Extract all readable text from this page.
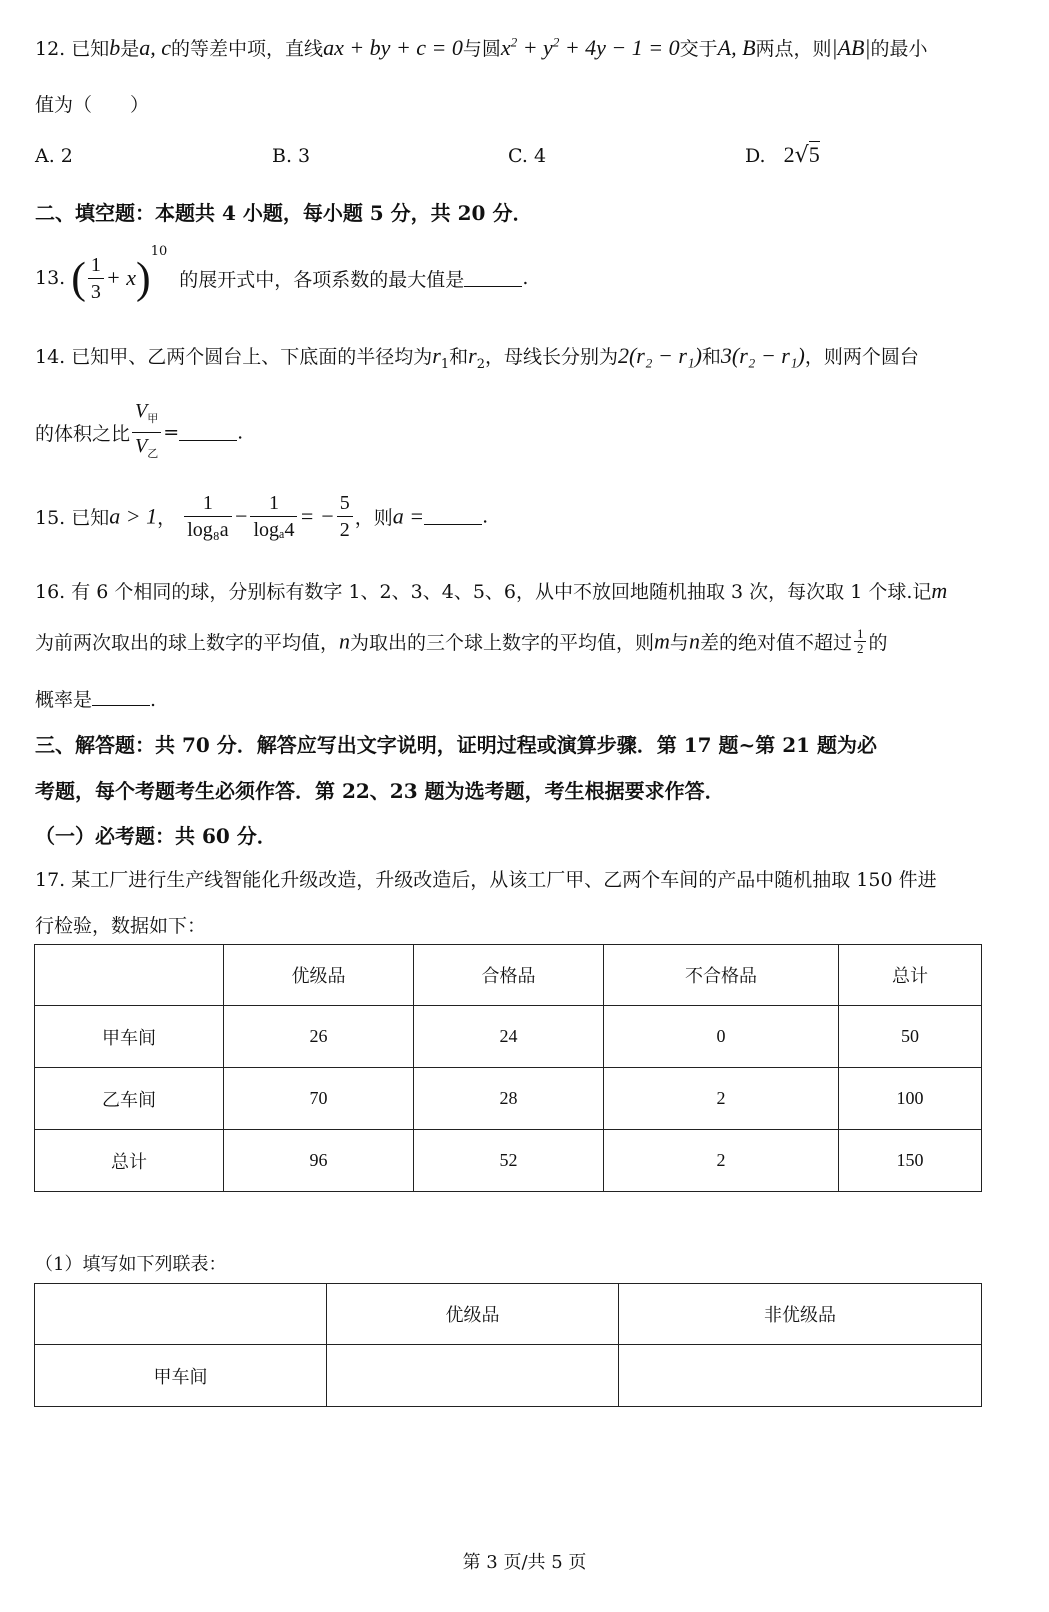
12. 已知b是a, c的等差中项，直线ax + by + c = 0与圆$x^2 + y^2 + 4y - 1 = 0$交于A, B两点，则|AB|的最小
值为（　　）
A. 2	B. 3	C. 4	D. 2√5
二、填空题：本题共 4 小题，每小题 5 分，共 20 分．
13. ( $\frac{1}{3} + x)^{10}$ 的展开式中，各项系数的最大值是	.
14. 已知甲、乙两个圆台上、下底面的半径均为$r_1$和$r_2$，母线长分别为2(r₂ − r₁)和3(r₂ − r₁)，则两个圆台
的体积之比 $\frac{V_甲}{V_乙}$ =	.
15. 已知a > 1， $\frac{1}{\text{log₈a}} - \frac{1}{\text{logₐ4}}$ = − $\frac{5}{2}$ ，则a =	.
16. 有 6 个相同的球，分别标有数字 1、2、3、4、5、6，从中不放回地随机抽取 3 次，每次取 1 个球.记m
为前两次取出的球上数字的平均值，n为取出的三个球上数字的平均值，则m与n差的绝对值不超过 $\frac{1}{2}$ 的
概率是	.
三、解答题：共 70 分．解答应写出文字说明，证明过程或演算步骤．第 17 题~第 21 题为必
考题，每个考题考生必须作答．第 22、23 题为选考题，考生根据要求作答．
（一）必考题：共 60 分．
17. 某工厂进行生产线智能化升级改造，升级改造后，从该工厂甲、乙两个车间的产品中随机抽取 150 件进
行检验，数据如下：
	优级品	合格品	不合格品	总计
甲车间	26	24	0	50
乙车间	70	28	2	100
总计	96	52	2	150
（1）填写如下列联表：
	优级品	非优级品
甲车间		
第 3 页/共 5 页
